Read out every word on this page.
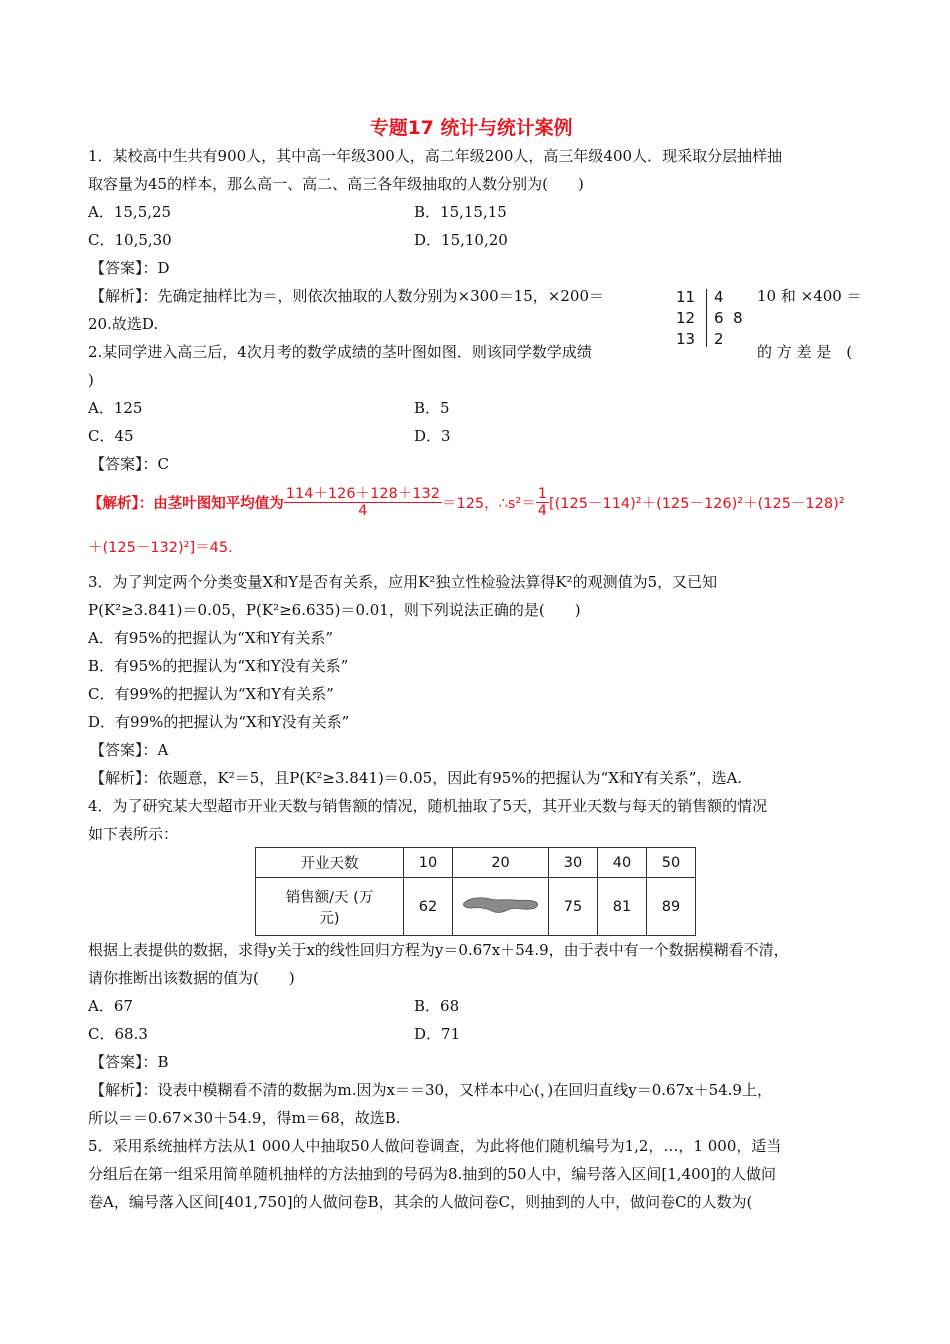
专题17 统计与统计案例
1．某校高中生共有900人，其中高一年级300人，高二年级200人，高三年级400人．现采取分层抽样抽
取容量为45的样本，那么高一、高二、高三各年级抽取的人数分别为(　　)
A．15,5,25	B．15,15,15
C．10,5,30	D．15,10,20
【答案】：D
【解析】：先确定抽样比为＝，则依次抽取的人数分别为×300＝15，×200＝	10 和 ×400 ＝
20.故选D.
11	4
12	6  8
13	2
2.某同学进入高三后，4次月考的数学成绩的茎叶图如图．则该同学数学成绩	的 方 差 是　(
)
A．125	B．5
C．45	D．3
【答案】：C
【解析】：由茎叶图知平均值为 $\frac{114+126+128+132}{4} =125$，∴s²＝ $\frac{1}{4} [(125-114)^2+(125-126)^2+(125-128)^2$
＋(125－132)²]＝45.
3．为了判定两个分类变量X和Y是否有关系，应用K²独立性检验法算得K²的观测值为5，又已知
P(K²≥3.841)＝0.05，P(K²≥6.635)＝0.01，则下列说法正确的是(　　)
A．有95%的把握认为“X和Y有关系”
B．有95%的把握认为“X和Y没有关系”
C．有99%的把握认为“X和Y有关系”
D．有99%的把握认为“X和Y没有关系”
【答案】：A
【解析】：依题意，K²＝5，且P(K²≥3.841)＝0.05，因此有95%的把握认为“X和Y有关系”，选A.
4．为了研究某大型超市开业天数与销售额的情况，随机抽取了5天，其开业天数与每天的销售额的情况
如下表所示：
开业天数	10	20	30	40	50

销售额/天 (万
元)	62		75	81	89
根据上表提供的数据，求得y关于x的线性回归方程为y＝0.67x＋54.9，由于表中有一个数据模糊看不清，
请你推断出该数据的值为(　　)
A．67	B．68
C．68.3	D．71
【答案】：B
【解析】：设表中模糊看不清的数据为m.因为x＝＝30，又样本中心(，)在回归直线y＝0.67x＋54.9上，
所以＝＝0.67×30＋54.9，得m＝68，故选B.
5．采用系统抽样方法从1 000人中抽取50人做问卷调查，为此将他们随机编号为1,2，…，1 000，适当
分组后在第一组采用简单随机抽样的方法抽到的号码为8.抽到的50人中，编号落入区间[1,400]的人做问
卷A，编号落入区间[401,750]的人做问卷B，其余的人做问卷C，则抽到的人中，做问卷C的人数为(
